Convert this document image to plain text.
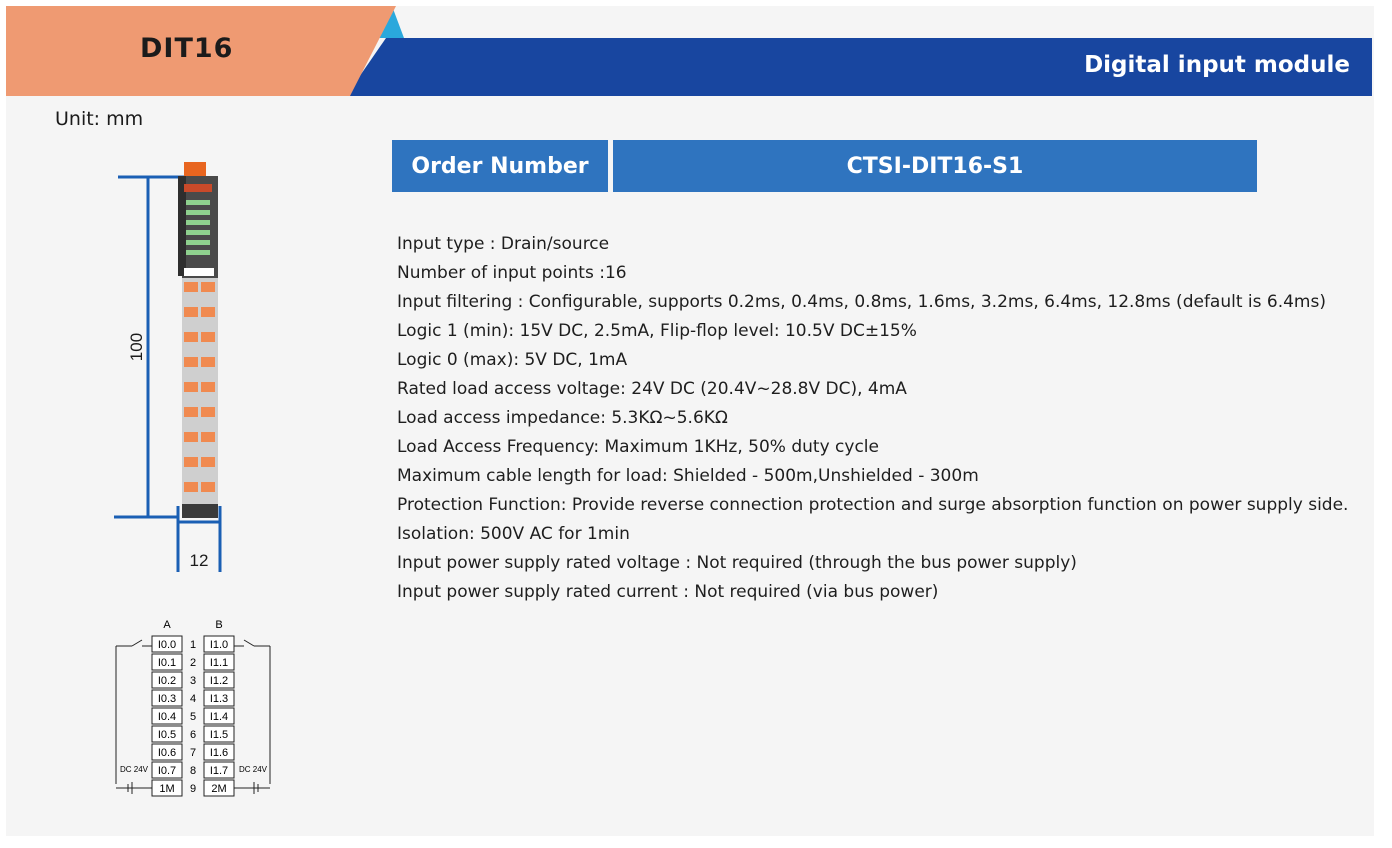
DIT16
Digital input module
Unit: mm
Order Number	CTSI-DIT16-S1
Input type : Drain/source
Number of input points :16
Input filtering : Configurable, supports 0.2ms, 0.4ms, 0.8ms, 1.6ms, 3.2ms, 6.4ms, 12.8ms (default is 6.4ms)
Logic 1 (min): 15V DC, 2.5mA, Flip-flop level: 10.5V DC±15%
Logic 0 (max): 5V DC, 1mA
Rated load access voltage: 24V DC (20.4V~28.8V DC), 4mA
Load access impedance: 5.3KΩ~5.6KΩ
Load Access Frequency: Maximum 1KHz, 50% duty cycle
Maximum cable length for load: Shielded - 500m,Unshielded - 300m
Protection Function: Provide reverse connection protection and surge absorption function on power supply side.
Isolation: 500V AC for 1min
Input power supply rated voltage : Not required (through the bus power supply)
Input power supply rated current : Not required (via bus power)
100
12
A	B
I0.0 1 I1.0
I0.1 2 I1.1
I0.2 3 I1.2
I0.3 4 I1.3
I0.4 5 I1.4
I0.5 6 I1.5
I0.6 7 I1.6
I0.7 8 I1.7
1M 9 2M
DC 24V	DC 24V
